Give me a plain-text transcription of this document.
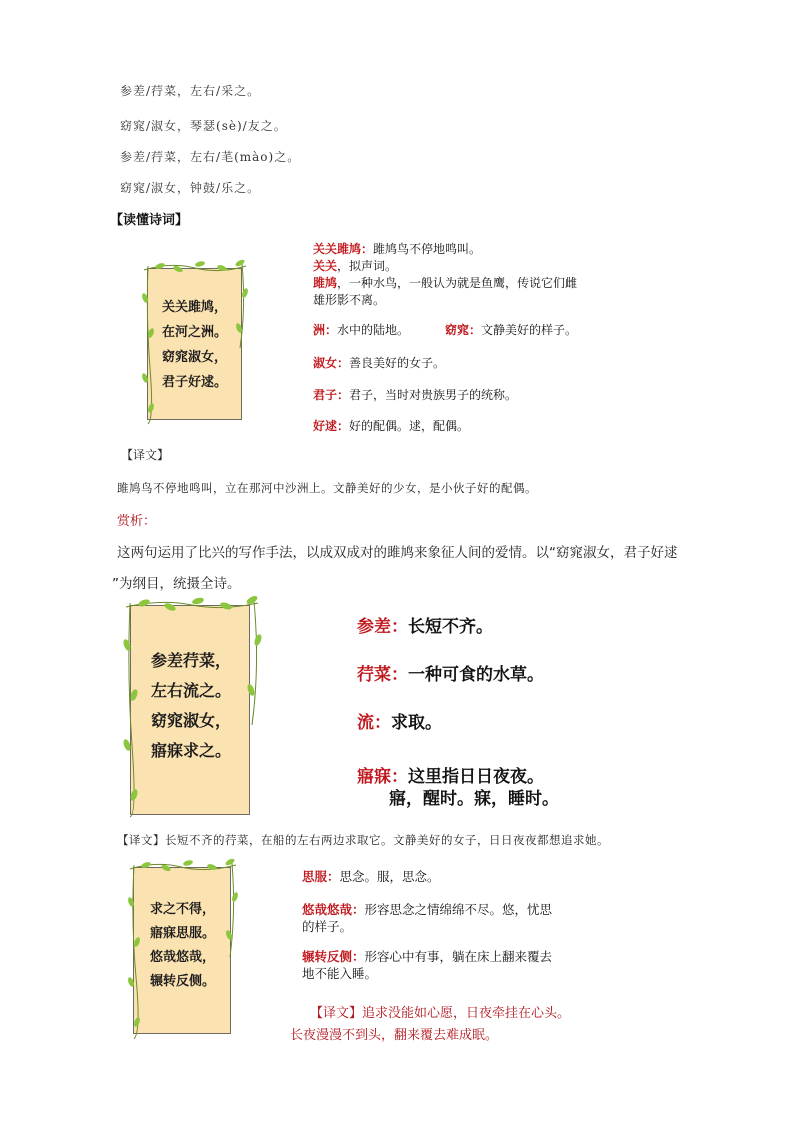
参差/荇菜，左右/采之。
窈窕/淑女，琴瑟(sè)/友之。
参差/荇菜，左右/芼(mào)之。
窈窕/淑女，钟鼓/乐之。
【读懂诗词】
关关雎鸠，
在河之洲。
窈窕淑女，
君子好逑。
关关雎鸠：雎鸠鸟不停地鸣叫。
关关，拟声词。
雎鸠，一种水鸟，一般认为就是鱼鹰，传说它们雌
雄形影不离。
洲：水中的陆地。	窈窕：文静美好的样子。
淑女：善良美好的女子。
君子：君子，当时对贵族男子的统称。
好逑：好的配偶。逑，配偶。
【译文】
雎鸠鸟不停地鸣叫，立在那河中沙洲上。文静美好的少女，是小伙子好的配偶。
赏析：
这两句运用了比兴的写作手法，以成双成对的雎鸠来象征人间的爱情。以“窈窕淑女，君子好逑
”为纲目，统摄全诗。
参差荇菜，
左右流之。
窈窕淑女，
寤寐求之。
参差：长短不齐。
荇菜：一种可食的水草。
流：求取。
寤寐：这里指日日夜夜。
寤，醒时。寐，睡时。
【译文】长短不齐的荇菜，在船的左右两边求取它。文静美好的女子，日日夜夜都想追求她。
求之不得，
寤寐思服。
悠哉悠哉，
辗转反侧。
思服：思念。服，思念。
悠哉悠哉：形容思念之情绵绵不尽。悠，忧思
的样子。
辗转反侧：形容心中有事，躺在床上翻来覆去
地不能入睡。
【译文】追求没能如心愿，日夜牵挂在心头。
长夜漫漫不到头，翻来覆去难成眠。
